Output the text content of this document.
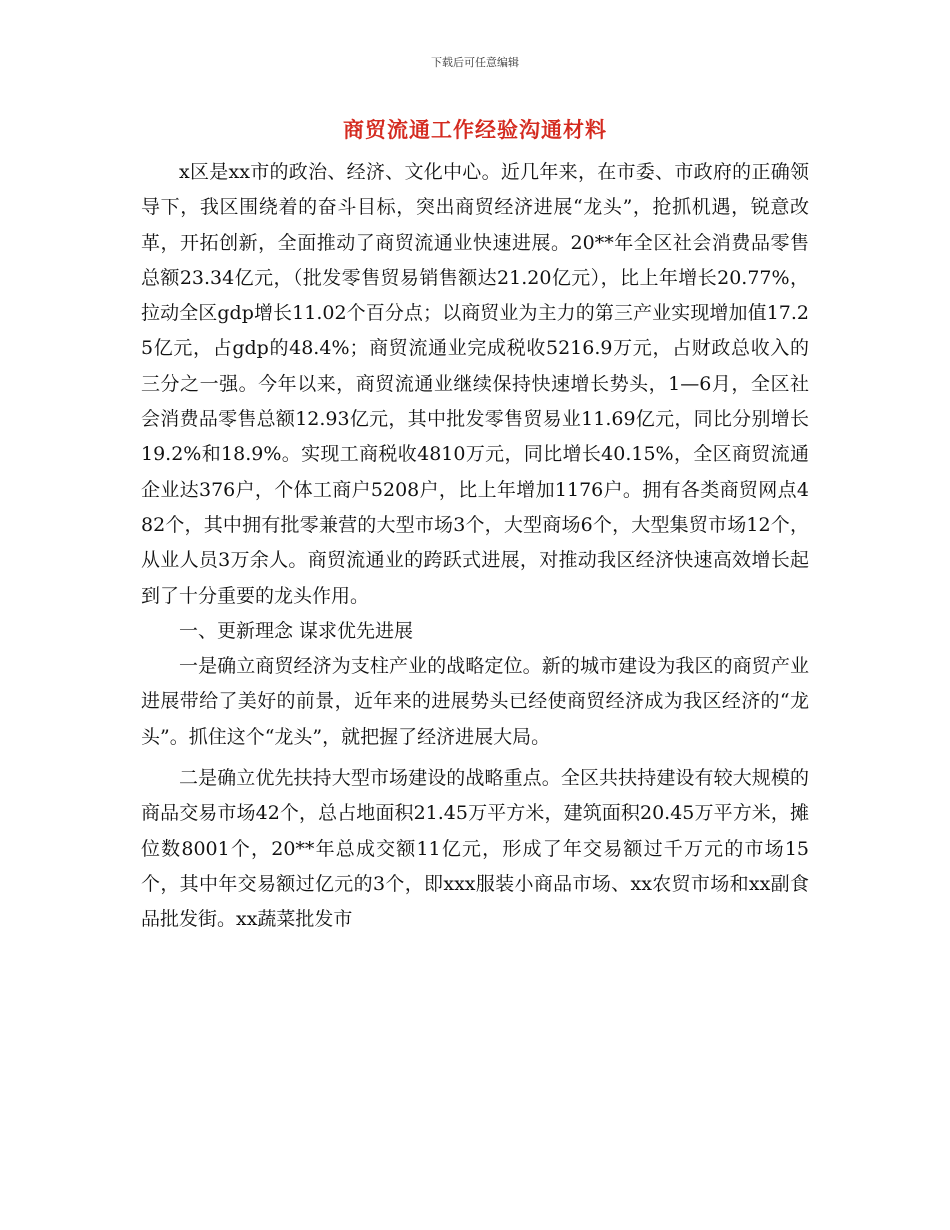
下载后可任意编辑
商贸流通工作经验沟通材料

x区是xx市的政治、经济、文化中心。近几年来，在市委、市政府的正确领导下，我区围绕着的奋斗目标，突出商贸经济进展“龙头”，抢抓机遇，锐意改革，开拓创新，全面推动了商贸流通业快速进展。20**年全区社会消费品零售总额23.34亿元，（批发零售贸易销售额达21.20亿元），比上年增长20.77%，拉动全区gdp增长11.02个百分点；以商贸业为主力的第三产业实现增加值17.25亿元，占gdp的48.4%；商贸流通业完成税收5216.9万元，占财政总收入的三分之一强。今年以来，商贸流通业继续保持快速增长势头，1—6月，全区社会消费品零售总额12.93亿元，其中批发零售贸易业11.69亿元，同比分别增长19.2%和18.9%。实现工商税收4810万元，同比增长40.15%，全区商贸流通企业达376户，个体工商户5208户，比上年增加1176户。拥有各类商贸网点482个，其中拥有批零兼营的大型市场3个，大型商场6个，大型集贸市场12个，从业人员3万余人。商贸流通业的跨跃式进展，对推动我区经济快速高效增长起到了十分重要的龙头作用。

一、更新理念 谋求优先进展

一是确立商贸经济为支柱产业的战略定位。新的城市建设为我区的商贸产业进展带给了美好的前景，近年来的进展势头已经使商贸经济成为我区经济的“龙头”。抓住这个“龙头”，就把握了经济进展大局。

二是确立优先扶持大型市场建设的战略重点。全区共扶持建设有较大规模的商品交易市场42个，总占地面积21.45万平方米，建筑面积20.45万平方米，摊位数8001个，20**年总成交额11亿元，形成了年交易额过千万元的市场15个，其中年交易额过亿元的3个，即xxx服装小商品市场、xx农贸市场和xx副食品批发街。xx蔬菜批发市
